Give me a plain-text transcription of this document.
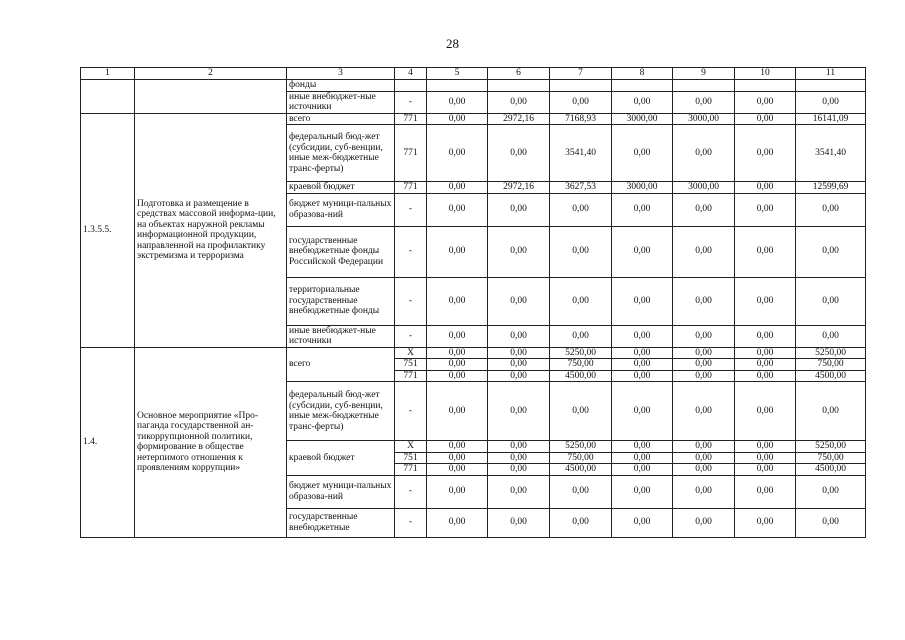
28
1	2	3	4	5	6	7	8	9	10	11
		фонды								
		иные внебюджет-ные источники	-	0,00	0,00	0,00	0,00	0,00	0,00	0,00
1.3.5.5.	Подготовка и размещение в средствах массовой информа-ции, на объектах наружной рекламы информационной продукции, направленной на профилактику экстремизма и терроризма	всего	771	0,00	2972,16	7168,93	3000,00	3000,00	0,00	16141,09
		федеральный бюд-жет (субсидии, суб-венции, иные меж-бюджетные транс-ферты)	771	0,00	0,00	3541,40	0,00	0,00	0,00	3541,40
		краевой бюджет	771	0,00	2972,16	3627,53	3000,00	3000,00	0,00	12599,69
		бюджет муници-пальных образова-ний	-	0,00	0,00	0,00	0,00	0,00	0,00	0,00
		государственные внебюджетные фонды Российской Федерации	-	0,00	0,00	0,00	0,00	0,00	0,00	0,00
		территориальные государственные внебюджетные фонды	-	0,00	0,00	0,00	0,00	0,00	0,00	0,00
		иные внебюджет-ные источники	-	0,00	0,00	0,00	0,00	0,00	0,00	0,00
1.4.	Основное мероприятие «Про-паганда государственной ан-тикоррупционной политики, формирование в обществе нетерпимого отношения к проявлениям коррупции»	всего	Х	0,00	0,00	5250,00	0,00	0,00	0,00	5250,00
			751	0,00	0,00	750,00	0,00	0,00	0,00	750,00
			771	0,00	0,00	4500,00	0,00	0,00	0,00	4500,00
		федеральный бюд-жет (субсидии, суб-венции, иные меж-бюджетные транс-ферты)	-	0,00	0,00	0,00	0,00	0,00	0,00	0,00
		краевой бюджет	Х	0,00	0,00	5250,00	0,00	0,00	0,00	5250,00
			751	0,00	0,00	750,00	0,00	0,00	0,00	750,00
			771	0,00	0,00	4500,00	0,00	0,00	0,00	4500,00
		бюджет муници-пальных образова-ний	-	0,00	0,00	0,00	0,00	0,00	0,00	0,00
		государственные внебюджетные	-	0,00	0,00	0,00	0,00	0,00	0,00	0,00
